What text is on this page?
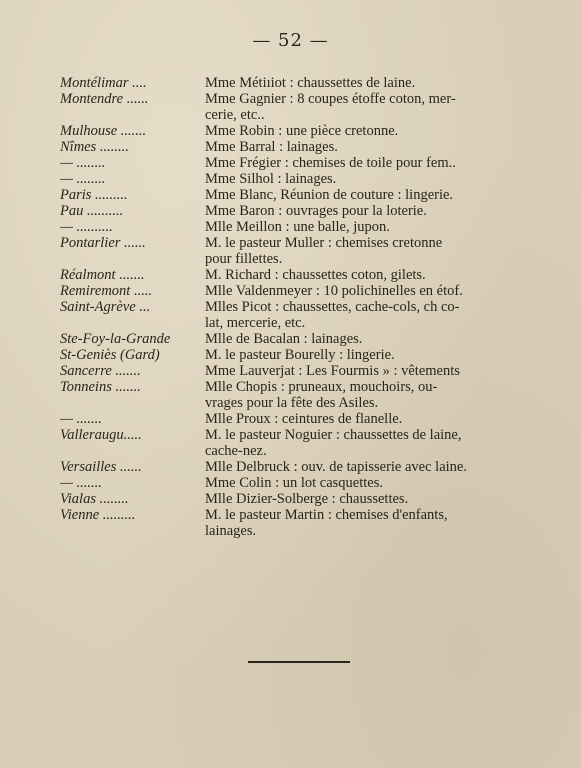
— 52 —
Montélimar ....	Mme Métiıiot : chaussettes de laine.
Montendre ......	Mme Gagnier : 8 coupes étoffe coton, mer-
cerie, etc..
Mulhouse .......	Mme Robin : une pièce cretonne.
Nîmes ........	Mme Barral : lainages.
— ........	Mme Frégier : chemises de toile pour fem..
— ........	Mme Silhol : lainages.
Paris .........	Mme Blanc, Réunion de couture : lingerie.
Pau ..........	Mme Baron : ouvrages pour la loterie.
— ..........	Mlle Meillon : une balle, jupon.
Pontarlier ......	M. le pasteur Muller : chemises cretonne
pour fillettes.
Réalmont .......	M. Richard : chaussettes coton, gilets.
Remiremont .....	Mlle Valdenmeyer : 10 polichinelles en étof.
Saint-Agrève ...	Mlles Picot : chaussettes, cache-cols, ch co-
lat, mercerie, etc.
Ste-Foy-la-Grande	Mlle de Bacalan : lainages.
St-Geniès (Gard)	M. le pasteur Bourelly : lingerie.
Sancerre .......	Mme Lauverjat : Les Fourmis » : vêtements
Tonneins .......	Mlle Chopis : pruneaux, mouchoirs, ou-
vrages pour la fête des Asiles.
— .......	Mlle Proux : ceintures de flanelle.
Valleraugu.....	M. le pasteur Noguier : chaussettes de laine,
cache-nez.
Versailles ......	Mlle Delbruck : ouv. de tapisserie avec laine.
— .......	Mme Colin : un lot casquettes.
Vialas ........	Mlle Dizier-Solberge : chaussettes.
Vienne .........	M. le pasteur Martin : chemises d'enfants,
lainages.
